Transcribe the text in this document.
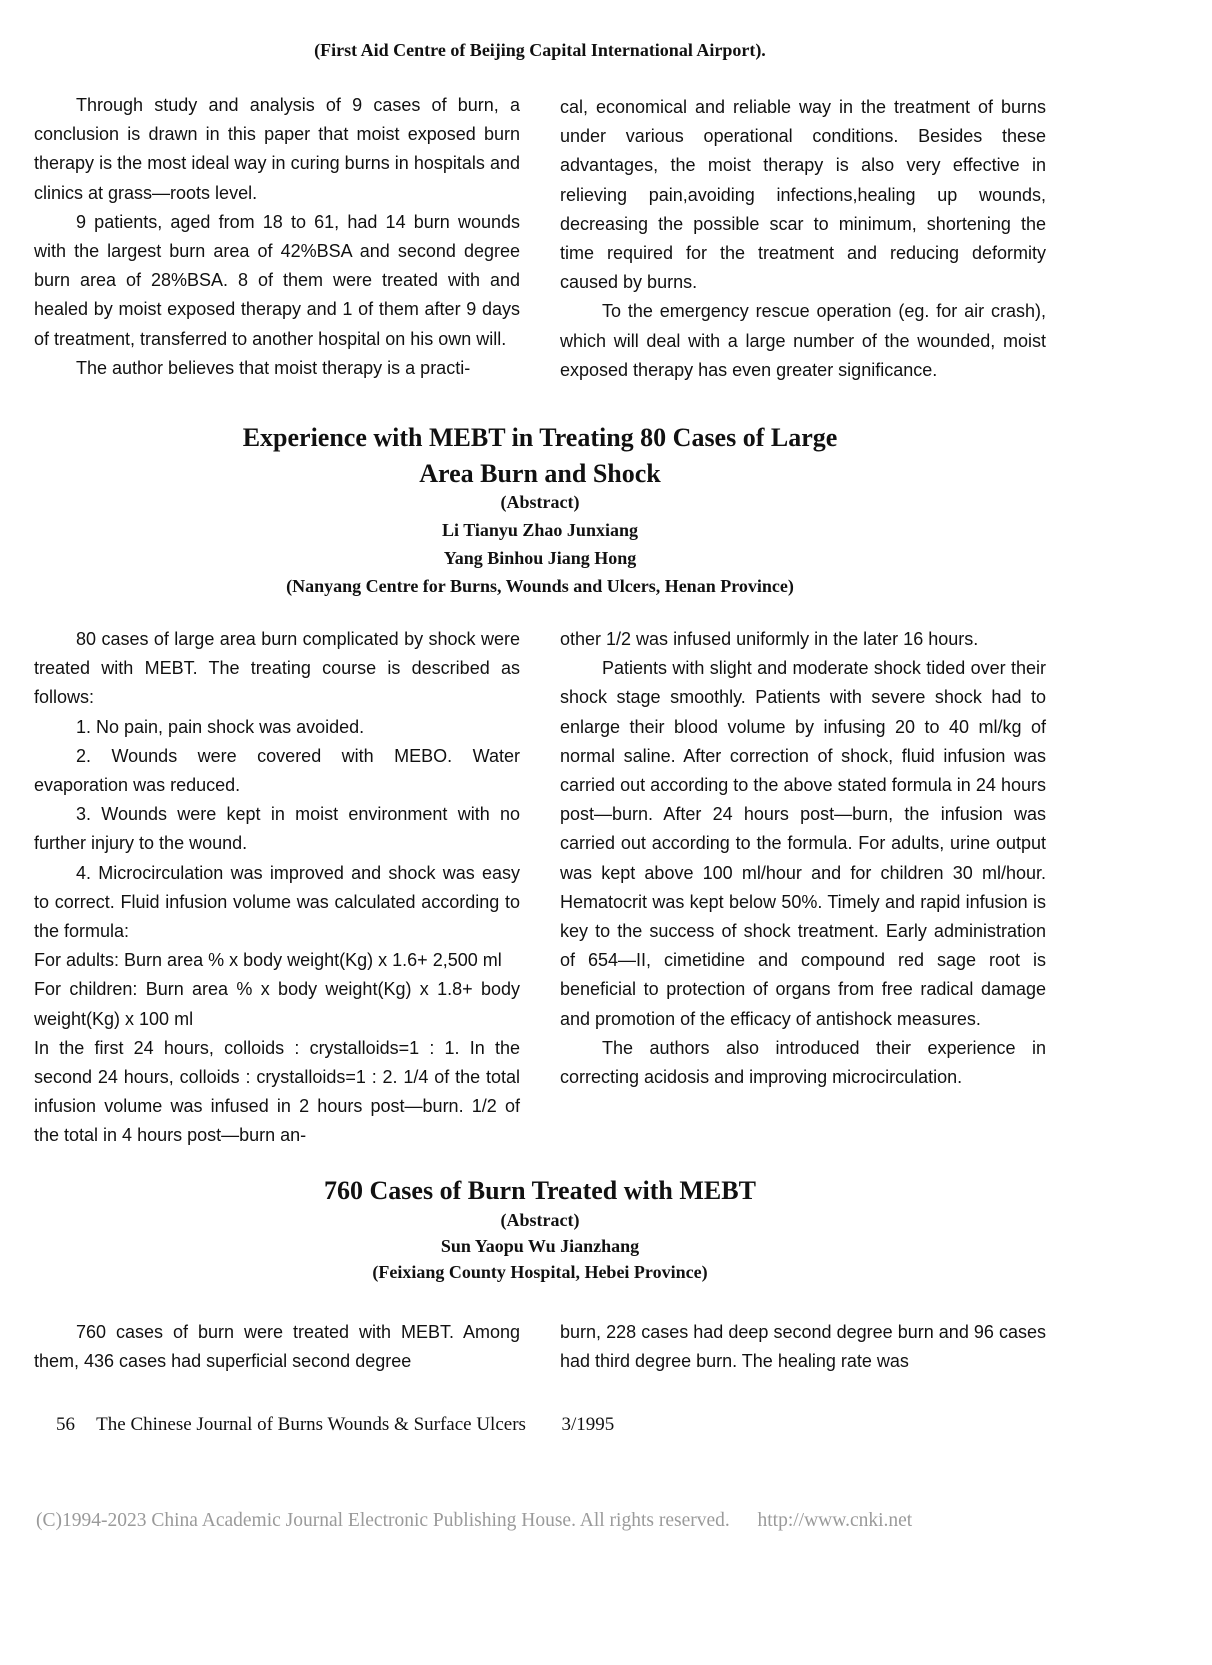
(First Aid Centre of Beijing Capital International Airport).

Through study and analysis of 9 cases of burn, a conclusion is drawn in this paper that moist exposed burn therapy is the most ideal way in curing burns in hospitals and clinics at grass—roots level.

9 patients, aged from 18 to 61, had 14 burn wounds with the largest burn area of 42%BSA and second degree burn area of 28%BSA. 8 of them were treated with and healed by moist exposed therapy and 1 of them after 9 days of treatment, transferred to another hospital on his own will.

The author believes that moist therapy is a practi-

cal, economical and reliable way in the treatment of burns under various operational conditions. Besides these advantages, the moist therapy is also very effective in relieving pain,avoiding infections,healing up wounds, decreasing the possible scar to minimum, shortening the time required for the treatment and reducing deformity caused by burns.

To the emergency rescue operation (eg. for air crash), which will deal with a large number of the wounded, moist exposed therapy has even greater significance.

Experience with MEBT in Treating 80 Cases of Large
Area Burn and Shock
(Abstract)
Li Tianyu Zhao Junxiang
Yang Binhou Jiang Hong
(Nanyang Centre for Burns, Wounds and Ulcers, Henan Province)

80 cases of large area burn complicated by shock were treated with MEBT. The treating course is described as follows:

1. No pain, pain shock was avoided.

2. Wounds were covered with MEBO. Water evaporation was reduced.

3. Wounds were kept in moist environment with no further injury to the wound.

4. Microcirculation was improved and shock was easy to correct. Fluid infusion volume was calculated according to the formula:

For adults: Burn area % x body weight(Kg) x 1.6+ 2,500 ml

For children: Burn area % x body weight(Kg) x 1.8+ body weight(Kg) x 100 ml

In the first 24 hours, colloids : crystalloids=1 : 1. In the second 24 hours, colloids : crystalloids=1 : 2. 1/4 of the total infusion volume was infused in 2 hours post—burn. 1/2 of the total in 4 hours post—burn an-

other 1/2 was infused uniformly in the later 16 hours.

Patients with slight and moderate shock tided over their shock stage smoothly. Patients with severe shock had to enlarge their blood volume by infusing 20 to 40 ml/kg of normal saline. After correction of shock, fluid infusion was carried out according to the above stated formula in 24 hours post—burn. After 24 hours post—burn, the infusion was carried out according to the formula. For adults, urine output was kept above 100 ml/hour and for children 30 ml/hour. Hematocrit was kept below 50%. Timely and rapid infusion is key to the success of shock treatment. Early administration of 654—II, cimetidine and compound red sage root is beneficial to protection of organs from free radical damage and promotion of the efficacy of antishock measures.

The authors also introduced their experience in correcting acidosis and improving microcirculation.

760 Cases of Burn Treated with MEBT
(Abstract)
Sun Yaopu Wu Jianzhang
(Feixiang County Hospital, Hebei Province)

760 cases of burn were treated with MEBT. Among them, 436 cases had superficial second degree

burn, 228 cases had deep second degree burn and 96 cases had third degree burn. The healing rate was

56 The Chinese Journal of Burns Wounds & Surface Ulcers 3/1995
(C)1994-2023 China Academic Journal Electronic Publishing House. All rights reserved. http://www.cnki.net
